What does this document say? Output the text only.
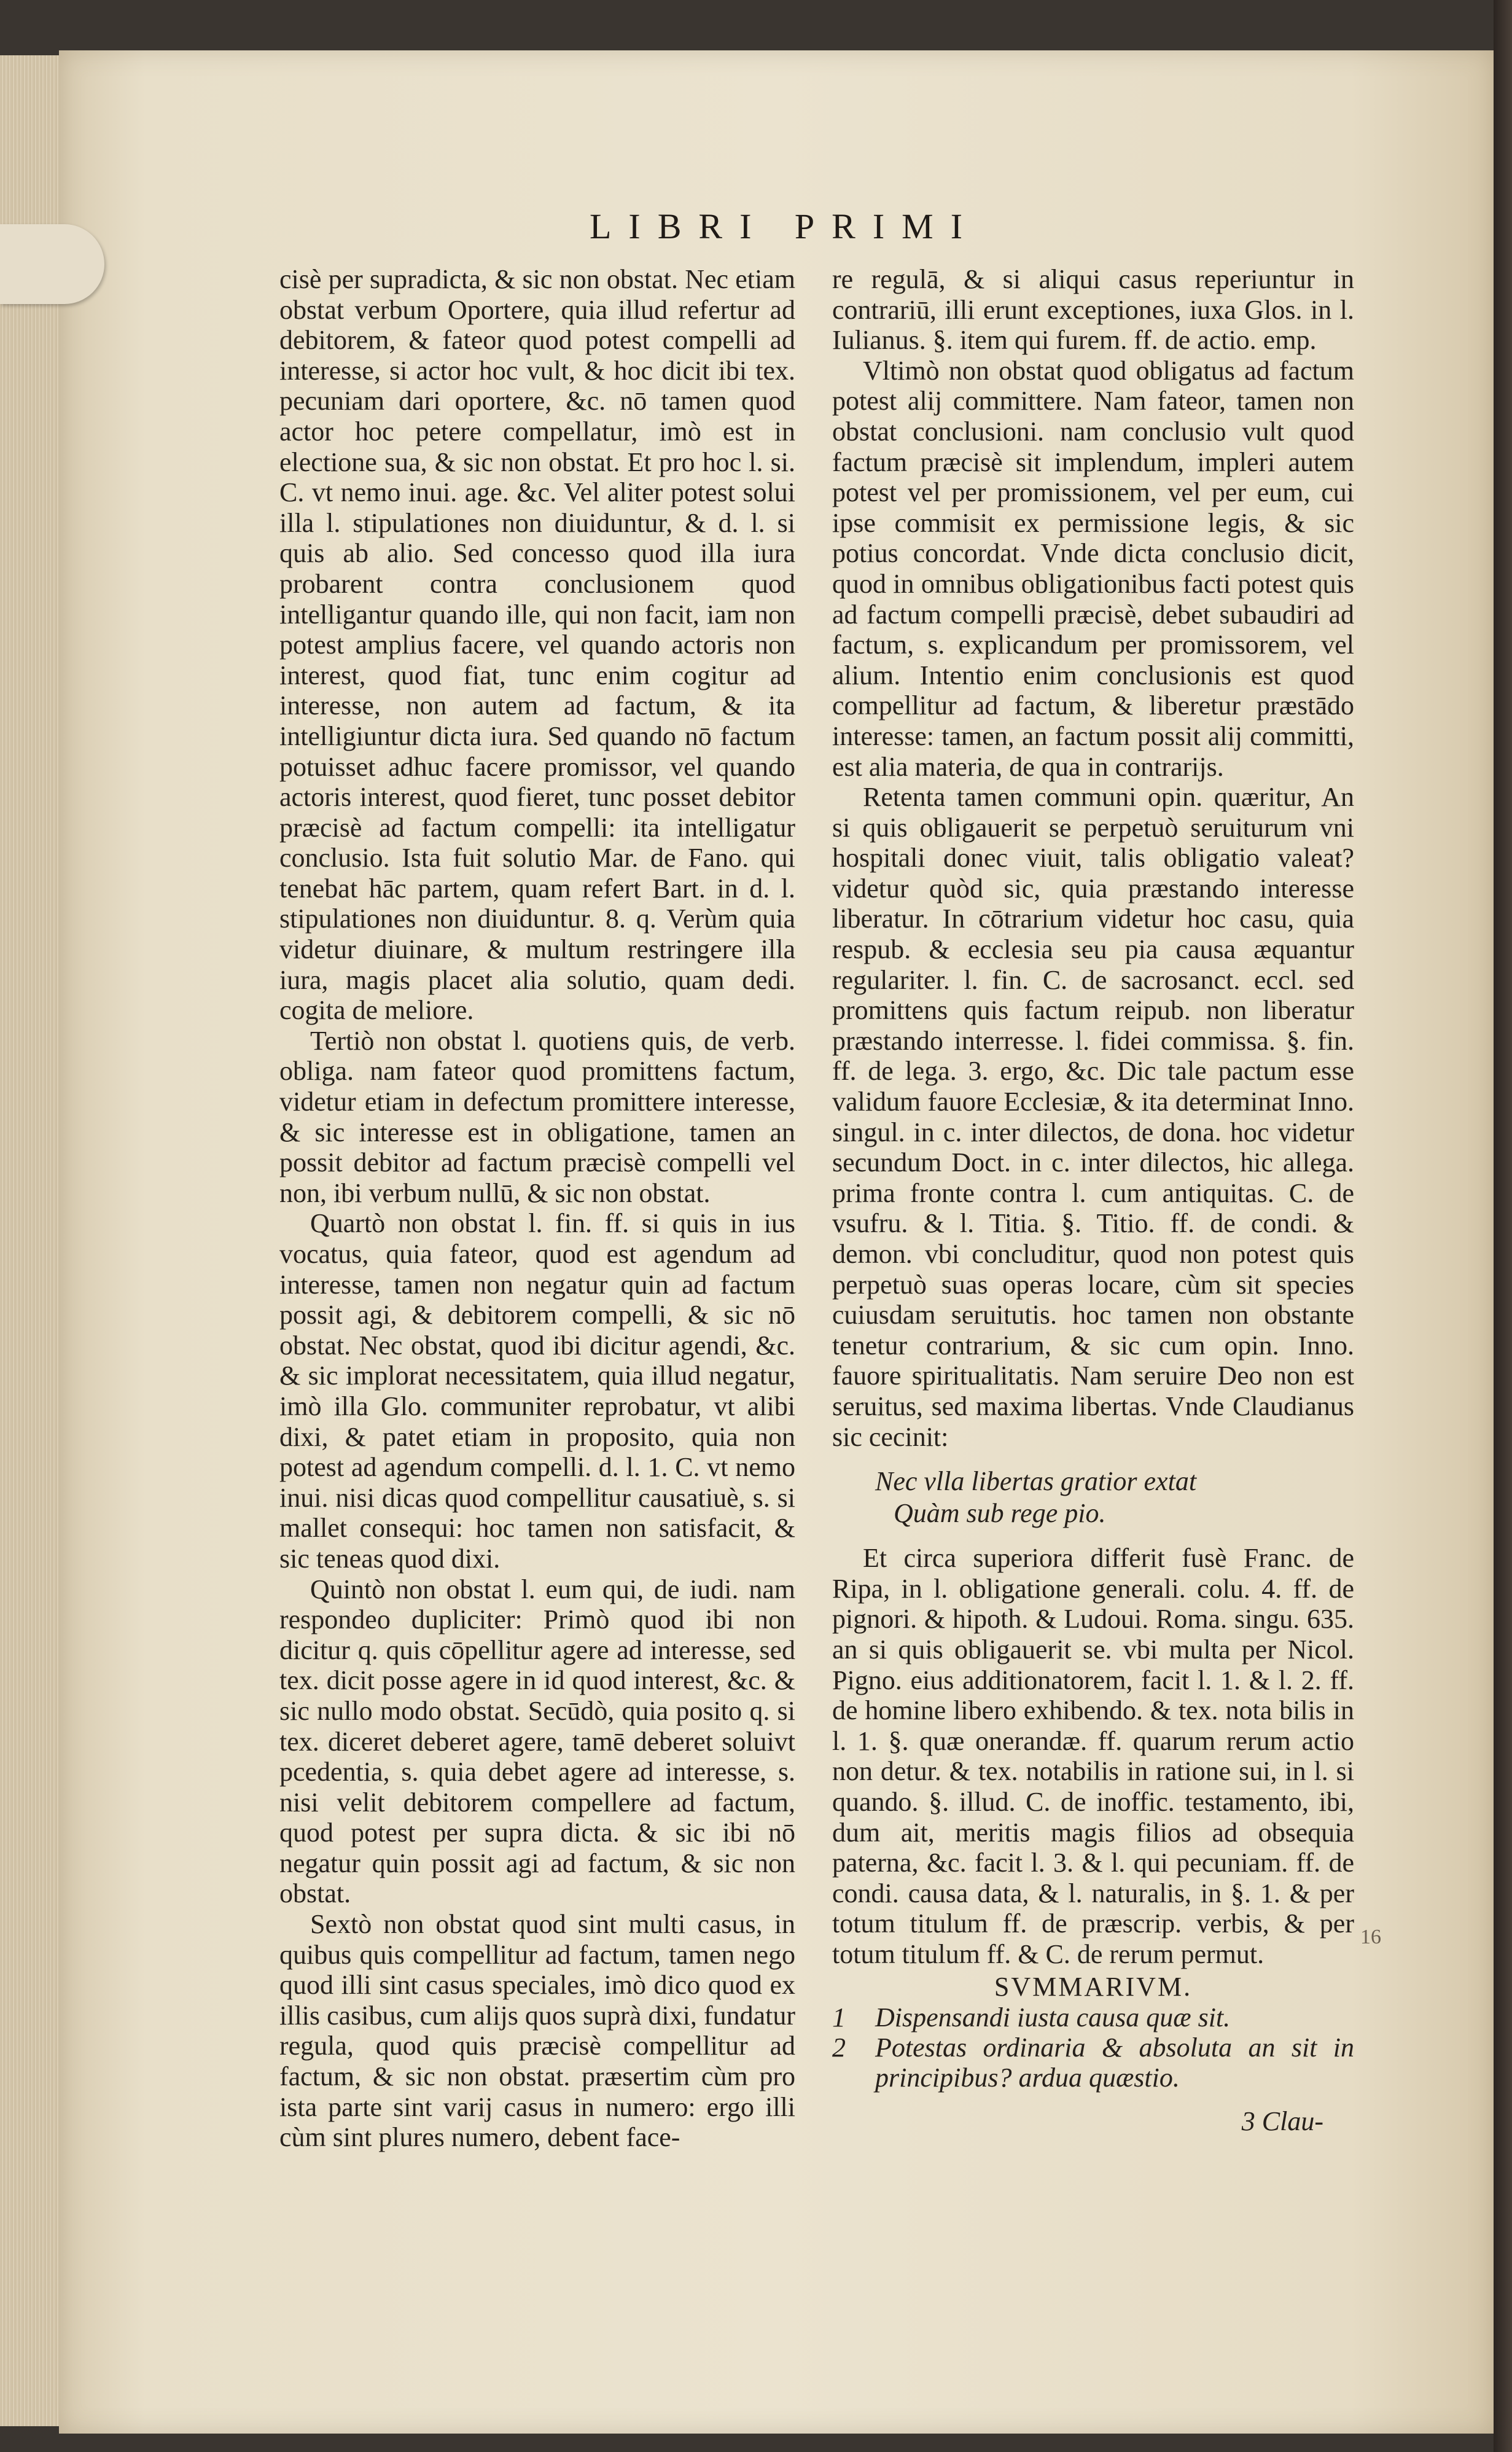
LIBRI PRIMI

cisè per supradicta, & sic non obstat. Nec etiam obstat verbum Oportere, quia illud refertur ad debitorem, & fateor quod potest compelli ad interesse, si actor hoc vult, & hoc dicit ibi tex. pecuniam dari oportere, &c. nō tamen quod actor hoc petere compellatur, imò est in electione sua, & sic non obstat. Et pro hoc l. si. C. vt nemo inui. age. &c. Vel aliter potest solui illa l. stipulationes non diuiduntur, & d. l. si quis ab alio. Sed concesso quod illa iura probarent contra conclusionem quod intelligantur quando ille, qui non facit, iam non potest amplius facere, vel quando actoris non interest, quod fiat, tunc enim cogitur ad interesse, non autem ad factum, & ita intelligiuntur dicta iura. Sed quando nō factum potuisset adhuc facere promissor, vel quando actoris interest, quod fieret, tunc posset debitor præcisè ad factum compelli: ita intelligatur conclusio. Ista fuit solutio Mar. de Fano. qui tenebat hāc partem, quam refert Bart. in d. l. stipulationes non diuiduntur. 8. q. Verùm quia videtur diuinare, & multum restringere illa iura, magis placet alia solutio, quam dedi. cogita de meliore.

Tertiò non obstat l. quotiens quis, de verb. obliga. nam fateor quod promittens factum, videtur etiam in defectum promittere interesse, & sic interesse est in obligatione, tamen an possit debitor ad factum præcisè compelli vel non, ibi verbum nullū, & sic non obstat.

Quartò non obstat l. fin. ff. si quis in ius vocatus, quia fateor, quod est agendum ad interesse, tamen non negatur quin ad factum possit agi, & debitorem compelli, & sic nō obstat. Nec obstat, quod ibi dicitur agendi, &c. & sic implorat necessitatem, quia illud negatur, imò illa Glo. communiter reprobatur, vt alibi dixi, & patet etiam in proposito, quia non potest ad agendum compelli. d. l. 1. C. vt nemo inui. nisi dicas quod compellitur causatiuè, s. si mallet consequi: hoc tamen non satisfacit, & sic teneas quod dixi.

Quintò non obstat l. eum qui, de iudi. nam respondeo dupliciter: Primò quod ibi non dicitur q. quis cōpellitur agere ad interesse, sed tex. dicit posse agere in id quod interest, &c. & sic nullo modo obstat. Secūdò, quia posito q. si tex. diceret deberet agere, tamē deberet soluivt pcedentia, s. quia debet agere ad interesse, s. nisi velit debitorem compellere ad factum, quod potest per supra dicta. & sic ibi nō negatur quin possit agi ad factum, & sic non obstat.

Sextò non obstat quod sint multi casus, in quibus quis compellitur ad factum, tamen nego quod illi sint casus speciales, imò dico quod ex illis casibus, cum alijs quos suprà dixi, fundatur regula, quod quis præcisè compellitur ad factum, & sic non obstat. præsertim cùm pro ista parte sint varij casus in numero: ergo illi cùm sint plures numero, debent face-

re regulā, & si aliqui casus reperiuntur in contrariū, illi erunt exceptiones, iuxa Glos. in l. Iulianus. §. item qui furem. ff. de actio. emp.

Vltimò non obstat quod obligatus ad factum potest alij committere. Nam fateor, tamen non obstat conclusioni. nam conclusio vult quod factum præcisè sit implendum, impleri autem potest vel per promissionem, vel per eum, cui ipse commisit ex permissione legis, & sic potius concordat. Vnde dicta conclusio dicit, quod in omnibus obligationibus facti potest quis ad factum compelli præcisè, debet subaudiri ad factum, s. explicandum per promissorem, vel alium. Intentio enim conclusionis est quod compellitur ad factum, & liberetur præstādo interesse: tamen, an factum possit alij committi, est alia materia, de qua in contrarijs.

Retenta tamen communi opin. quæritur, An si quis obligauerit se perpetuò seruiturum vni hospitali donec viuit, talis obligatio valeat? videtur quòd sic, quia præstando interesse liberatur. In cōtrarium videtur hoc casu, quia respub. & ecclesia seu pia causa æquantur regulariter. l. fin. C. de sacrosanct. eccl. sed promittens quis factum reipub. non liberatur præstando interresse. l. fidei commissa. §. fin. ff. de lega. 3. ergo, &c. Dic tale pactum esse validum fauore Ecclesiæ, & ita determinat Inno. singul. in c. inter dilectos, de dona. hoc videtur secundum Doct. in c. inter dilectos, hic allega. prima fronte contra l. cum antiquitas. C. de vsufru. & l. Titia. §. Titio. ff. de condi. & demon. vbi concluditur, quod non potest quis perpetuò suas operas locare, cùm sit species cuiusdam seruitutis. hoc tamen non obstante tenetur contrarium, & sic cum opin. Inno. fauore spiritualitatis. Nam seruire Deo non est seruitus, sed maxima libertas. Vnde Claudianus sic cecinit:

Nec vlla libertas gratior extat
Quàm sub rege pio.

Et circa superiora differit fusè Franc. de Ripa, in l. obligatione generali. colu. 4. ff. de pignori. & hipoth. & Ludoui. Roma. singu. 635. an si quis obligauerit se. vbi multa per Nicol. Pigno. eius additionatorem, facit l. 1. & l. 2. ff. de homine libero exhibendo. & tex. nota bilis in l. 1. §. quæ onerandæ. ff. quarum rerum actio non detur. & tex. notabilis in ratione sui, in l. si quando. §. illud. C. de inoffic. testamento, ibi, dum ait, meritis magis filios ad obsequia paterna, &c. facit l. 3. & l. qui pecuniam. ff. de condi. causa data, & l. naturalis, in §. 1. & per totum titulum ff. de præscrip. verbis, & per totum titulum ff. & C. de rerum permut.

SVMMARIVM.

1	Dispensandi iusta causa quæ sit.
2	Potestas ordinaria & absoluta an sit in principibus? ardua quæstio.

3 Clau-

16
